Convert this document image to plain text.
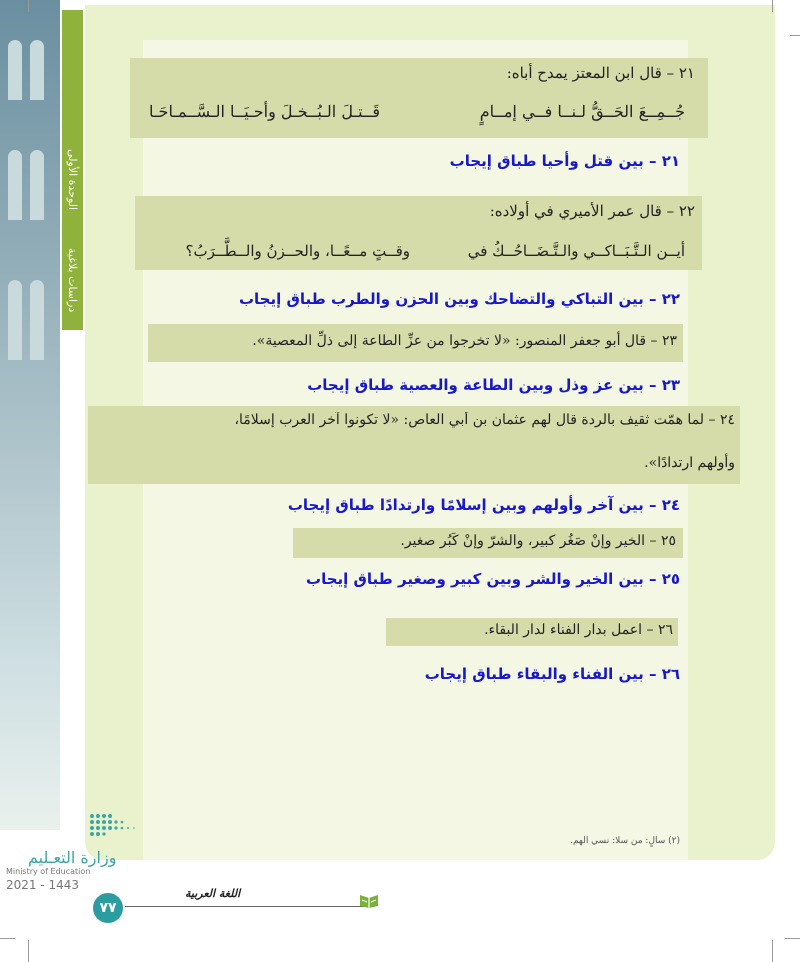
الوحدة الأولى
دراسات بلاغية
٢١ – قال ابن المعتز يمدح أباه:
جُــمِــعَ الحَــقُّ لـنــا فــي إمــامٍ
قَــتـلَ الـبُــخـلَ وأحـيَــا الـسَّــمـاحَـا
٢١ – بين قتل وأحيا طباق إيجاب
٢٢ – قال عمر الأميري في أولاده:
أيــن الـتَّـبَــاكــي والـتَّـضَــاحُــكُ في
وقــتٍ مــعًــا، والحــزنُ والــطَّــرَبُ؟
٢٢ – بين التباكي والتضاحك وبين الحزن والطرب طباق إيجاب
٢٣ – قال أبو جعفر المنصور: «لا تخرجوا من عزِّ الطاعة إلى ذلِّ المعصية».
٢٣ – بين عز وذل وبين الطاعة والعصية طباق إيجاب
٢٤ – لما همّت ثقيف بالردة قال لهم عثمان بن أبي العاص: «لا تكونوا آخر العرب إسلامًا،
وأولهم ارتدادًا».
٢٤ – بين آخر وأولهم وبين إسلامًا وارتدادًا طباق إيجاب
٢٥ – الخير وإنْ صَغُر كبير، والشرّ وإنْ كَبُر صغير.
٢٥ – بين الخير والشر وبين كبير وصغير طباق إيجاب
٢٦ – اعمل بدار الفناء لدار البقاء.
٢٦ – بين الفناء والبقاء طباق إيجاب
(٢) سالٍ: من سلا: نسي الهم.
وزارة التعـليم
Ministry of Education
2021 - 1443
٧٧
اللغة العربية
